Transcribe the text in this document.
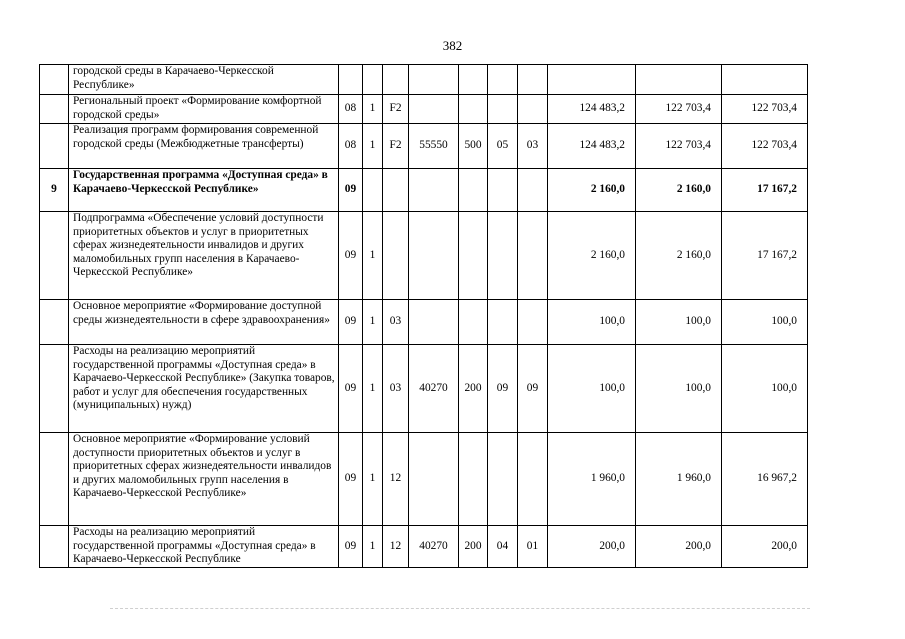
382
	городской среды в Карачаево-Черкесской Республике»										
	Региональный проект «Формирование комфортной городской среды»	08	1	F2					124 483,2	122 703,4	122 703,4
	Реализация программ формирования современной городской среды (Межбюджетные трансферты)	08	1	F2	55550	500	05	03	124 483,2	122 703,4	122 703,4
9	Государственная программа «Доступная среда» в Карачаево-Черкесской Республике»	09							2 160,0	2 160,0	17 167,2
	Подпрограмма «Обеспечение условий доступности приоритетных объектов и услуг в приоритетных сферах жизнедеятельности инвалидов и других маломобильных групп населения в Карачаево-Черкесской Республике»	09	1						2 160,0	2 160,0	17 167,2
	Основное мероприятие «Формирование доступной среды жизнедеятельности в сфере здравоохранения»	09	1	03					100,0	100,0	100,0
	Расходы на реализацию мероприятий государственной программы «Доступная среда» в Карачаево-Черкесской Республике» (Закупка товаров, работ и услуг для обеспечения государственных (муниципальных) нужд)	09	1	03	40270	200	09	09	100,0	100,0	100,0
	Основное мероприятие «Формирование условий доступности приоритетных объектов и услуг в приоритетных сферах жизнедеятельности инвалидов и других маломобильных групп населения в Карачаево-Черкесской Республике»	09	1	12					1 960,0	1 960,0	16 967,2
	Расходы на реализацию мероприятий государственной программы «Доступная среда» в Карачаево-Черкесской Республике	09	1	12	40270	200	04	01	200,0	200,0	200,0
